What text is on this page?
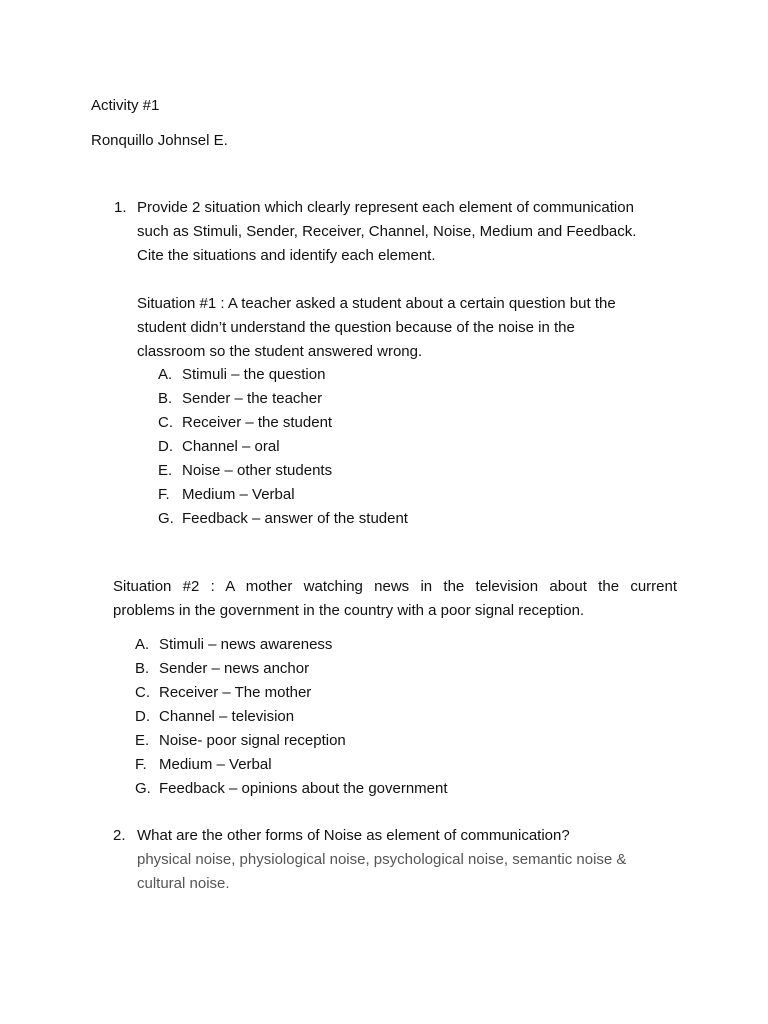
Activity #1
Ronquillo Johnsel E.
1. Provide 2 situation which clearly represent each element of communication
such as Stimuli, Sender, Receiver, Channel, Noise, Medium and Feedback.
Cite the situations and identify each element.
Situation #1 : A teacher asked a student about a certain question but the
student didn’t understand the question because of the noise in the
classroom so the student answered wrong.
A. Stimuli – the question
B. Sender – the teacher
C. Receiver – the student
D. Channel – oral
E. Noise – other students
F. Medium – Verbal
G. Feedback – answer of the student
Situation #2 : A mother watching news in the television about the current
problems in the government in the country with a poor signal reception.
A. Stimuli – news awareness
B. Sender – news anchor
C. Receiver – The mother
D. Channel – television
E. Noise- poor signal reception
F. Medium – Verbal
G. Feedback – opinions about the government
2. What are the other forms of Noise as element of communication?
physical noise, physiological noise, psychological noise, semantic noise &
cultural noise.
